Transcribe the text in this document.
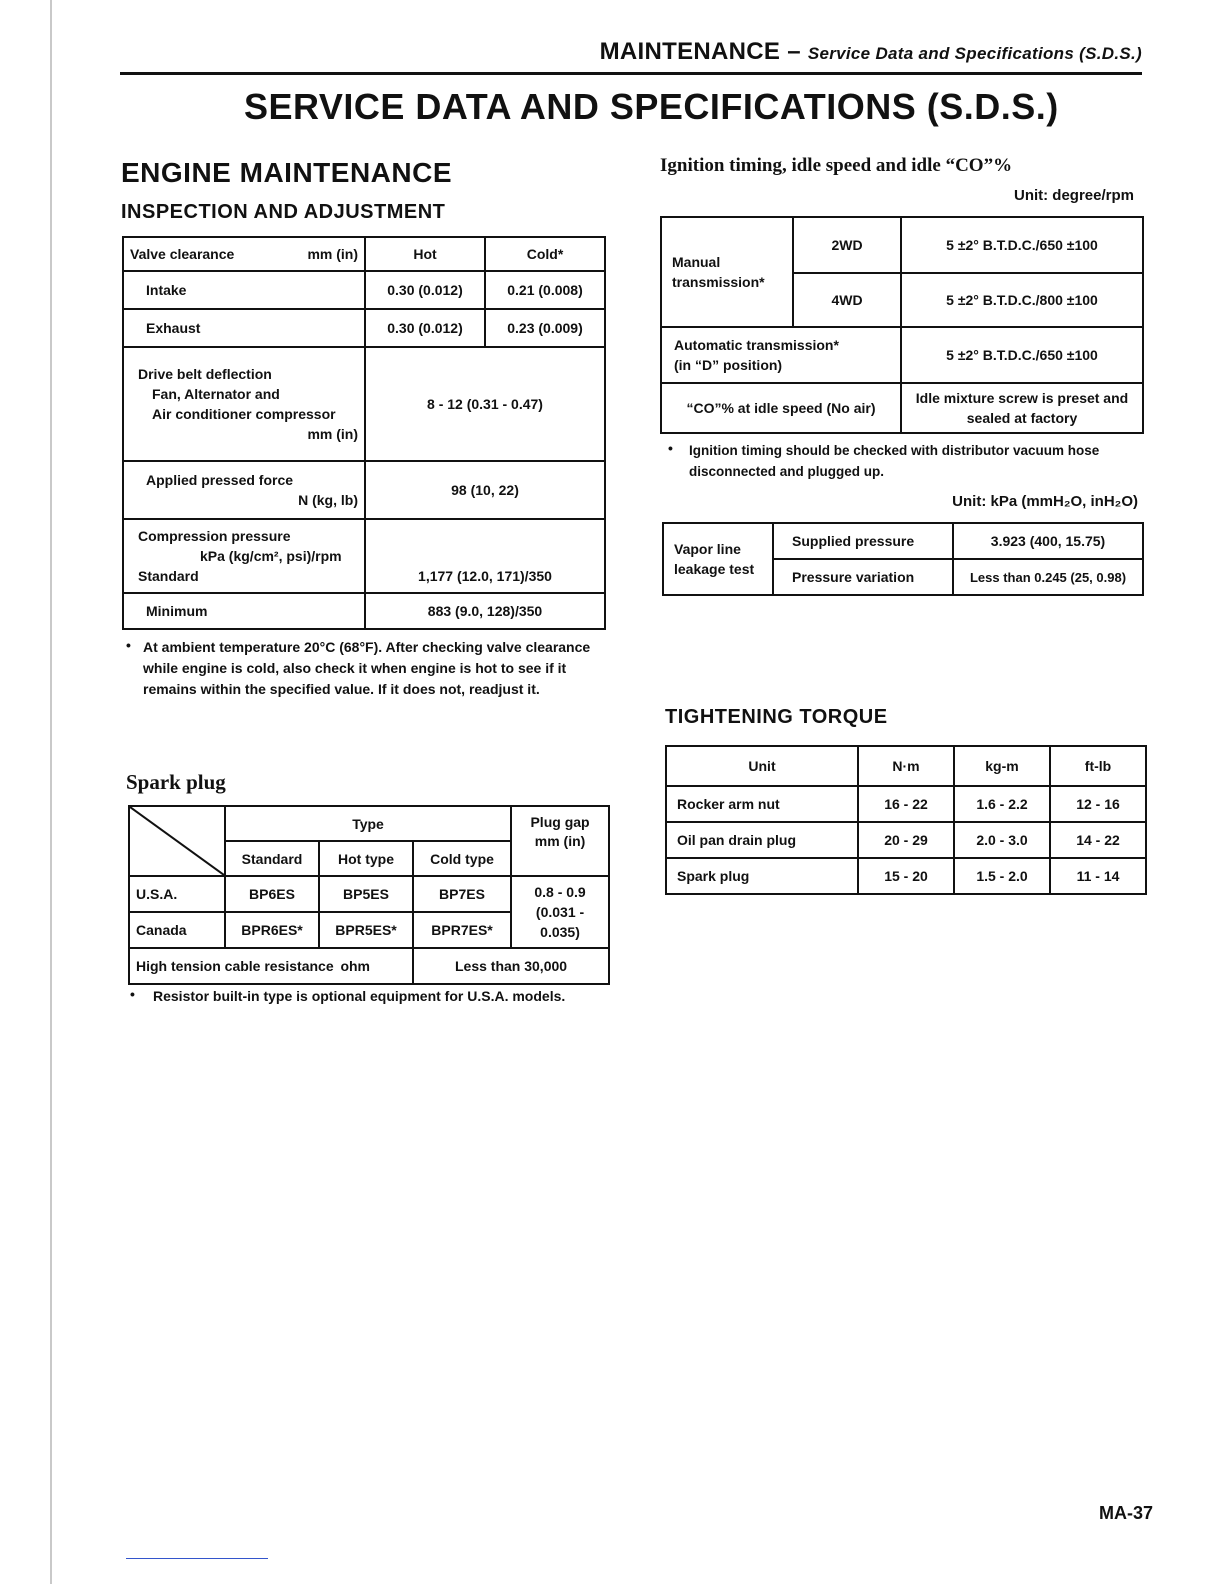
MAINTENANCE – Service Data and Specifications (S.D.S.)
SERVICE DATA AND SPECIFICATIONS (S.D.S.)
ENGINE MAINTENANCE
INSPECTION AND ADJUSTMENT
Valve clearance mm (in)	Hot	Cold*
Intake	0.30 (0.012)	0.21 (0.008)
Exhaust	0.30 (0.012)	0.23 (0.009)

Drive belt deflection
Fan, Alternator and
Air conditioner compressor
mm (in)	8 - 12 (0.31 - 0.47)	

Applied pressed force
N (kg, lb)	98 (10, 22)	

Compression pressure
kPa (kg/cm², psi)/rpm
Standard	1,177 (12.0, 171)/350	
Minimum	883 (9.0, 128)/350	
• At ambient temperature 20°C (68°F). After checking valve clearance while engine is cold, also check it when engine is hot to see if it remains within the specified value. If it does not, readjust it.
Spark plug
	Type			Plug gap mm (in)
	Standard	Hot type	Cold type	
U.S.A.	BP6ES	BP5ES	BP7ES	0.8 - 0.9 (0.031 - 0.035)
Canada	BPR6ES*	BPR5ES*	BPR7ES*	
High tension cable resistance ohm			Less than 30,000	
• Resistor built-in type is optional equipment for U.S.A. models.
Ignition timing, idle speed and idle “CO”%
Unit: degree/rpm
Manual transmission*	2WD	5 ±2° B.T.D.C./650 ±100
	4WD	5 ±2° B.T.D.C./800 ±100

Automatic transmission*
(in “D” position)		5 ±2° B.T.D.C./650 ±100
“CO”% at idle speed (No air)		Idle mixture screw is preset and sealed at factory
• Ignition timing should be checked with distributor vacuum hose disconnected and plugged up.
Unit: kPa (mmH₂O, inH₂O)
Vapor line leakage test	Supplied pressure	3.923 (400, 15.75)
	Pressure variation	Less than 0.245 (25, 0.98)
TIGHTENING TORQUE
Unit	N·m	kg-m	ft-lb
Rocker arm nut	16 - 22	1.6 - 2.2	12 - 16
Oil pan drain plug	20 - 29	2.0 - 3.0	14 - 22
Spark plug	15 - 20	1.5 - 2.0	11 - 14
MA-37
